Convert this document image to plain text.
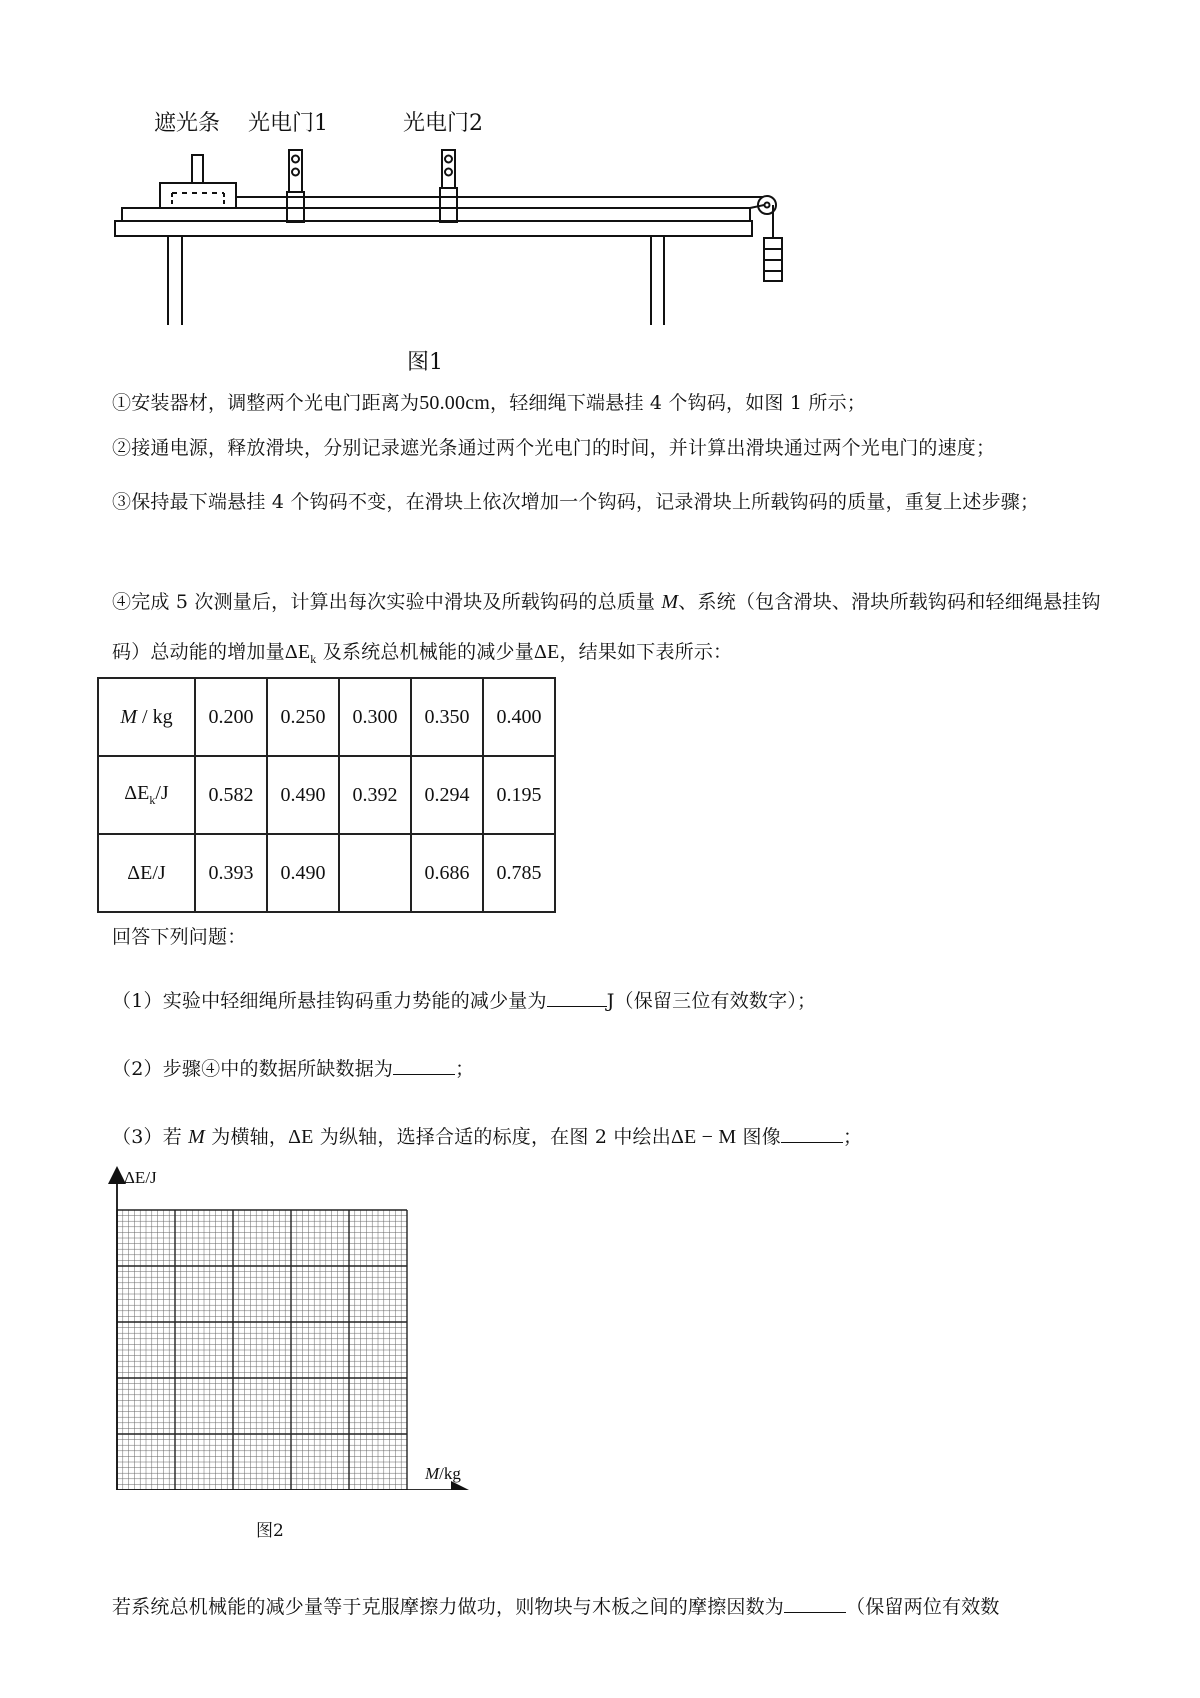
遮光条 光电门1	光电门2
图1
①安装器材，调整两个光电门距离为50.00cm，轻细绳下端悬挂 4 个钩码，如图 1 所示；
②接通电源，释放滑块，分别记录遮光条通过两个光电门的时间，并计算出滑块通过两个光电门的速度；
③保持最下端悬挂 4 个钩码不变，在滑块上依次增加一个钩码，记录滑块上所载钩码的质量，重复上述步骤；
④完成 5 次测量后，计算出每次实验中滑块及所载钩码的总质量 M、系统（包含滑块、滑块所载钩码和轻细绳悬挂钩码）总动能的增加量$\Delta E_k$ 及系统总机械能的减少量ΔE，结果如下表所示：
M / kg	0.200	0.250	0.300	0.350	0.400
$\Delta E_k/J$	0.582	0.490	0.392	0.294	0.195
ΔE/J	0.393	0.490		0.686	0.785
回答下列问题：
（1）实验中轻细绳所悬挂钩码重力势能的减少量为	J（保留三位有效数字）；
（2）步骤④中的数据所缺数据为	；
（3）若 M 为横轴，ΔE 为纵轴，选择合适的标度，在图 2 中绘出ΔE − M 图像	；
ΔE/J
M/kg
图2
若系统总机械能的减少量等于克服摩擦力做功，则物块与木板之间的摩擦因数为	（保留两位有效数
